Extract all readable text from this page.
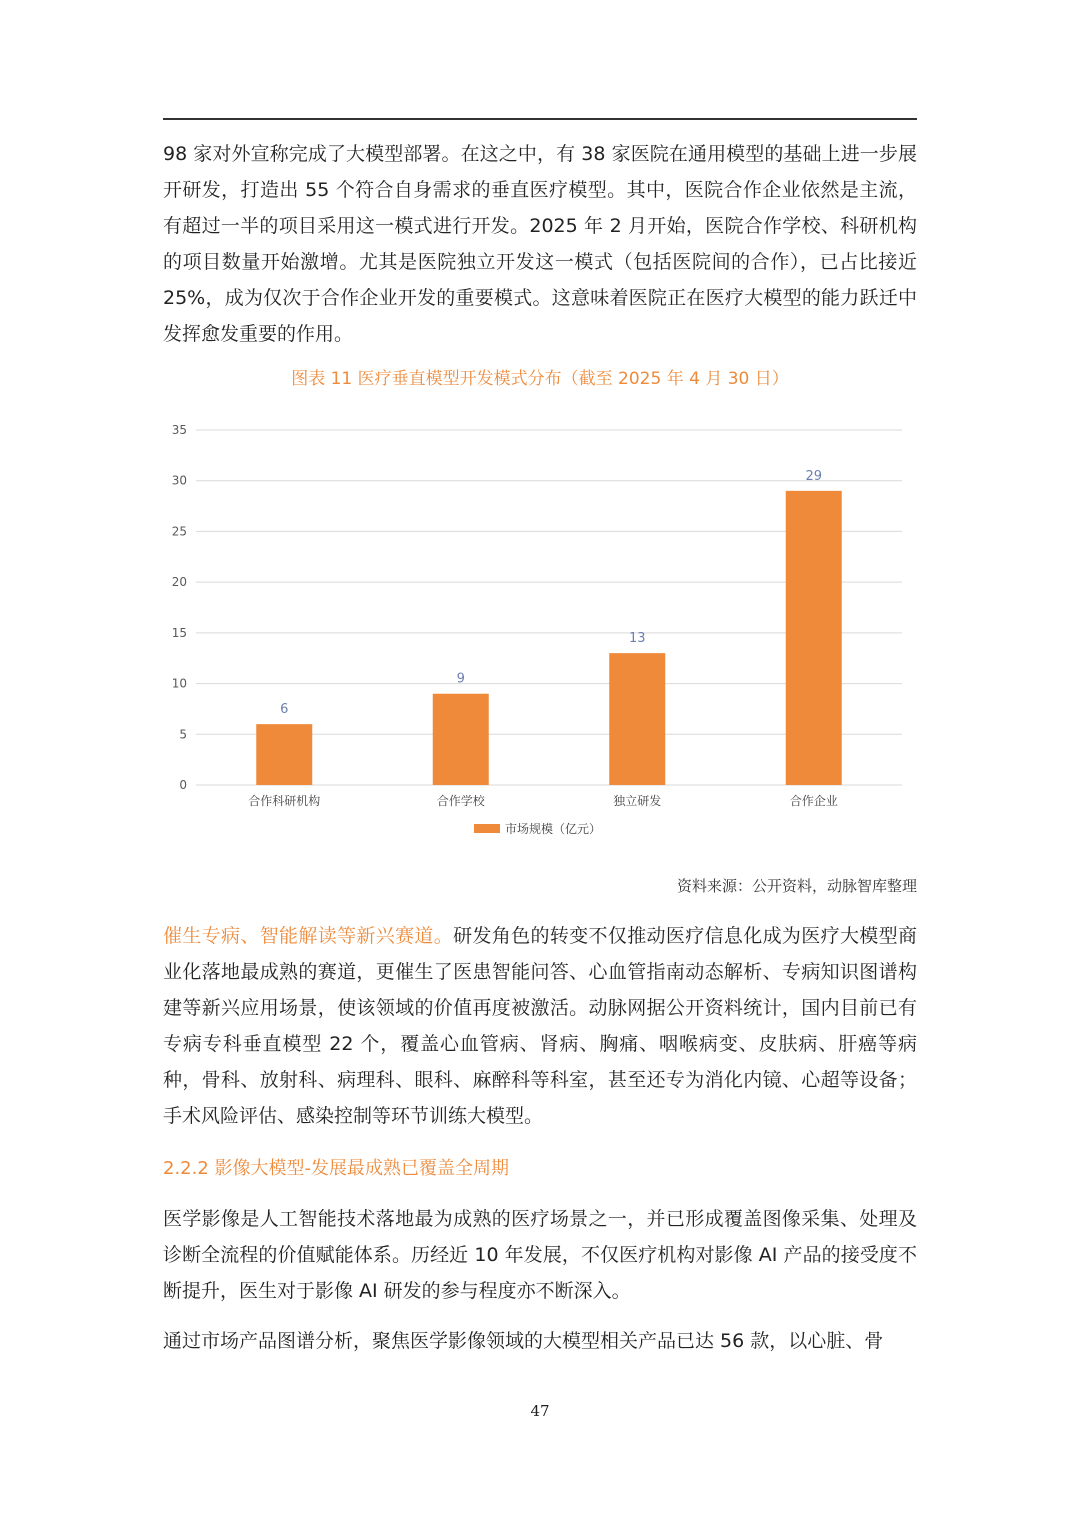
98 家对外宣称完成了大模型部署。在这之中，有 38 家医院在通用模型的基础上进一步展开研发，打造出 55 个符合自身需求的垂直医疗模型。其中，医院合作企业依然是主流，有超过一半的项目采用这一模式进行开发。2025 年 2 月开始，医院合作学校、科研机构的项目数量开始激增。尤其是医院独立开发这一模式（包括医院间的合作），已占比接近 25%，成为仅次于合作企业开发的重要模式。这意味着医院正在医疗大模型的能力跃迁中发挥愈发重要的作用。

图表 11 医疗垂直模型开发模式分布（截至 2025 年 4 月 30 日）
0
5
10
15
20
25
30
35
6
9
13
29
合作科研机构	合作学校	独立研发	合作企业
市场规模（亿元）
资料来源：公开资料，动脉智库整理

催生专病、智能解读等新兴赛道。研发角色的转变不仅推动医疗信息化成为医疗大模型商业化落地最成熟的赛道，更催生了医患智能问答、心血管指南动态解析、专病知识图谱构建等新兴应用场景，使该领域的价值再度被激活。动脉网据公开资料统计，国内目前已有专病专科垂直模型 22 个，覆盖心血管病、肾病、胸痛、咽喉病变、皮肤病、肝癌等病种，骨科、放射科、病理科、眼科、麻醉科等科室，甚至还专为消化内镜、心超等设备；手术风险评估、感染控制等环节训练大模型。

2.2.2 影像大模型-发展最成熟已覆盖全周期

医学影像是人工智能技术落地最为成熟的医疗场景之一，并已形成覆盖图像采集、处理及诊断全流程的价值赋能体系。历经近 10 年发展，不仅医疗机构对影像 AI 产品的接受度不断提升，医生对于影像 AI 研发的参与程度亦不断深入。

通过市场产品图谱分析，聚焦医学影像领域的大模型相关产品已达 56 款，以心脏、骨

47
